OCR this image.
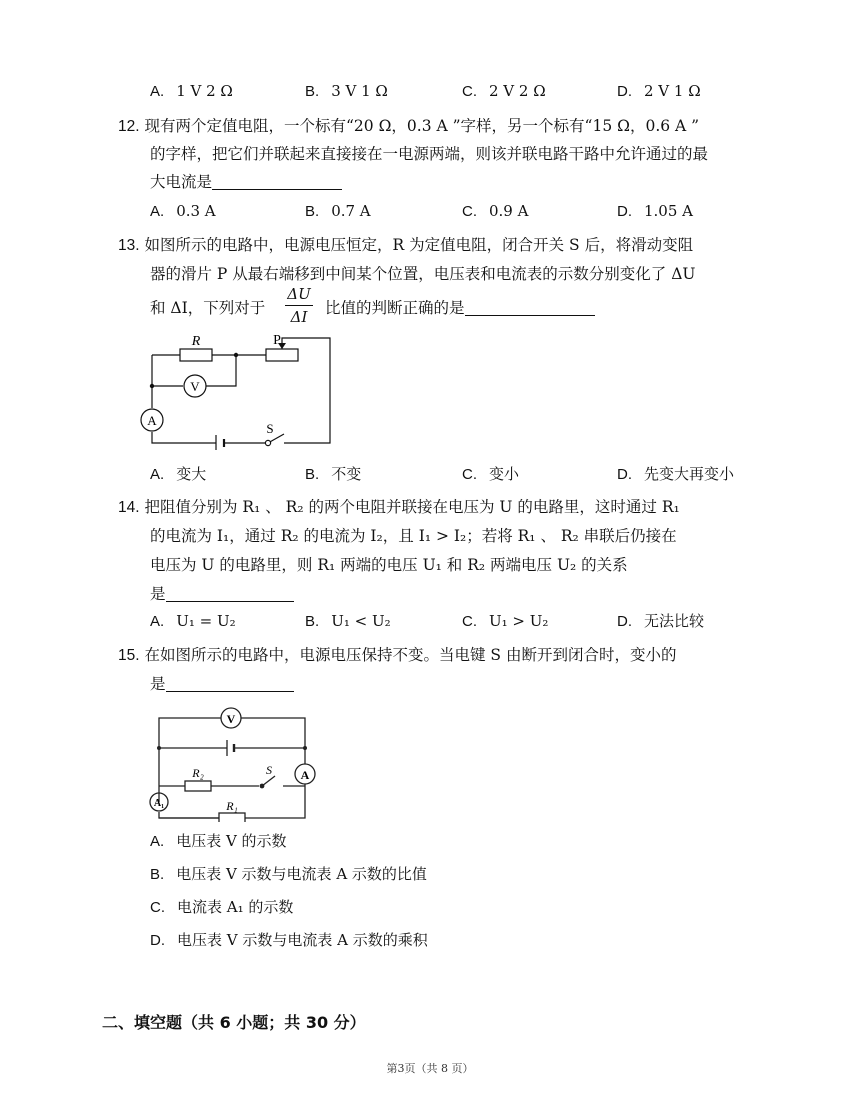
A. 1 V 2 Ω	B. 3 V 1 Ω	C. 2 V 2 Ω	D. 2 V 1 Ω
12. 现有两个定值电阻，一个标有“20 Ω，0.3 A ”字样，另一个标有“15 Ω，0.6 A ”
的字样，把它们并联起来直接接在一电源两端，则该并联电路干路中允许通过的最
大电流是
A. 0.3 A	B. 0.7 A	C. 0.9 A	D. 1.05 A
13. 如图所示的电路中，电源电压恒定，R 为定值电阻，闭合开关 S 后，将滑动变阻
器的滑片 P 从最右端移到中间某个位置，电压表和电流表的示数分别变化了 ΔU
和 ΔI，下列对于
ΔU
ΔI	比值的判断正确的是
R	P
V
A
S
A. 变大	B. 不变	C. 变小	D. 先变大再变小
14. 把阻值分别为 R₁ 、 R₂ 的两个电阻并联接在电压为 U 的电路里，这时通过 R₁
的电流为 I₁，通过 R₂ 的电流为 I₂，且 I₁ > I₂；若将 R₁ 、 R₂ 串联后仍接在
电压为 U 的电路里，则 R₁ 两端的电压 U₁ 和 R₂ 两端电压 U₂ 的关系
是
A. U₁ = U₂	B. U₁ < U₂	C. U₁ > U₂	D. 无法比较
15. 在如图所示的电路中，电源电压保持不变。当电键 S 由断开到闭合时，变小的
是
V
A
A₁
R₂	S
R₁
A. 电压表 V 的示数
B. 电压表 V 示数与电流表 A 示数的比值
C. 电流表 A₁ 的示数
D. 电压表 V 示数与电流表 A 示数的乘积
二、填空题（共 6 小题；共 30 分）
第3页（共 8 页）
